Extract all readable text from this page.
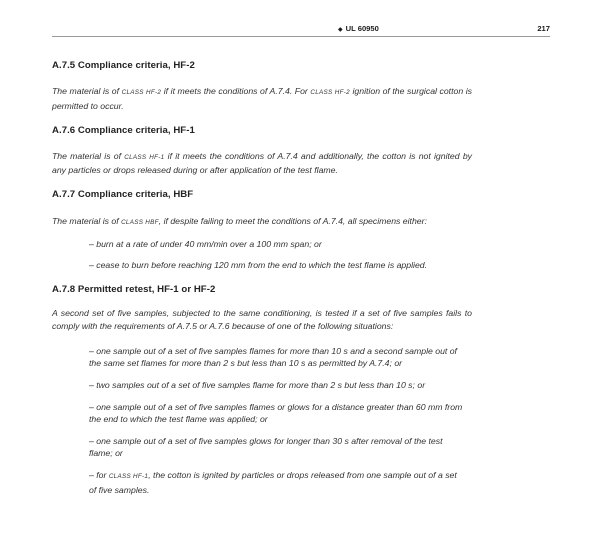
◆ UL 60950	217

A.7.5 Compliance criteria, HF-2

The material is of CLASS HF-2 if it meets the conditions of A.7.4. For CLASS HF-2 ignition of the surgical cotton is permitted to occur.

A.7.6 Compliance criteria, HF-1

The material is of CLASS HF-1 if it meets the conditions of A.7.4 and additionally, the cotton is not ignited by any particles or drops released during or after application of the test flame.

A.7.7 Compliance criteria, HBF

The material is of CLASS HBF, if despite failing to meet the conditions of A.7.4, all specimens either:

– burn at a rate of under 40 mm/min over a 100 mm span; or

– cease to burn before reaching 120 mm from the end to which the test flame is applied.

A.7.8 Permitted retest, HF-1 or HF-2

A second set of five samples, subjected to the same conditioning, is tested if a set of five samples fails to comply with the requirements of A.7.5 or A.7.6 because of one of the following situations:

– one sample out of a set of five samples flames for more than 10 s and a second sample out of the same set flames for more than 2 s but less than 10 s as permitted by A.7.4; or

– two samples out of a set of five samples flame for more than 2 s but less than 10 s; or

– one sample out of a set of five samples flames or glows for a distance greater than 60 mm from the end to which the test flame was applied; or

– one sample out of a set of five samples glows for longer than 30 s after removal of the test flame; or

– for CLASS HF-1, the cotton is ignited by particles or drops released from one sample out of a set of five samples.
